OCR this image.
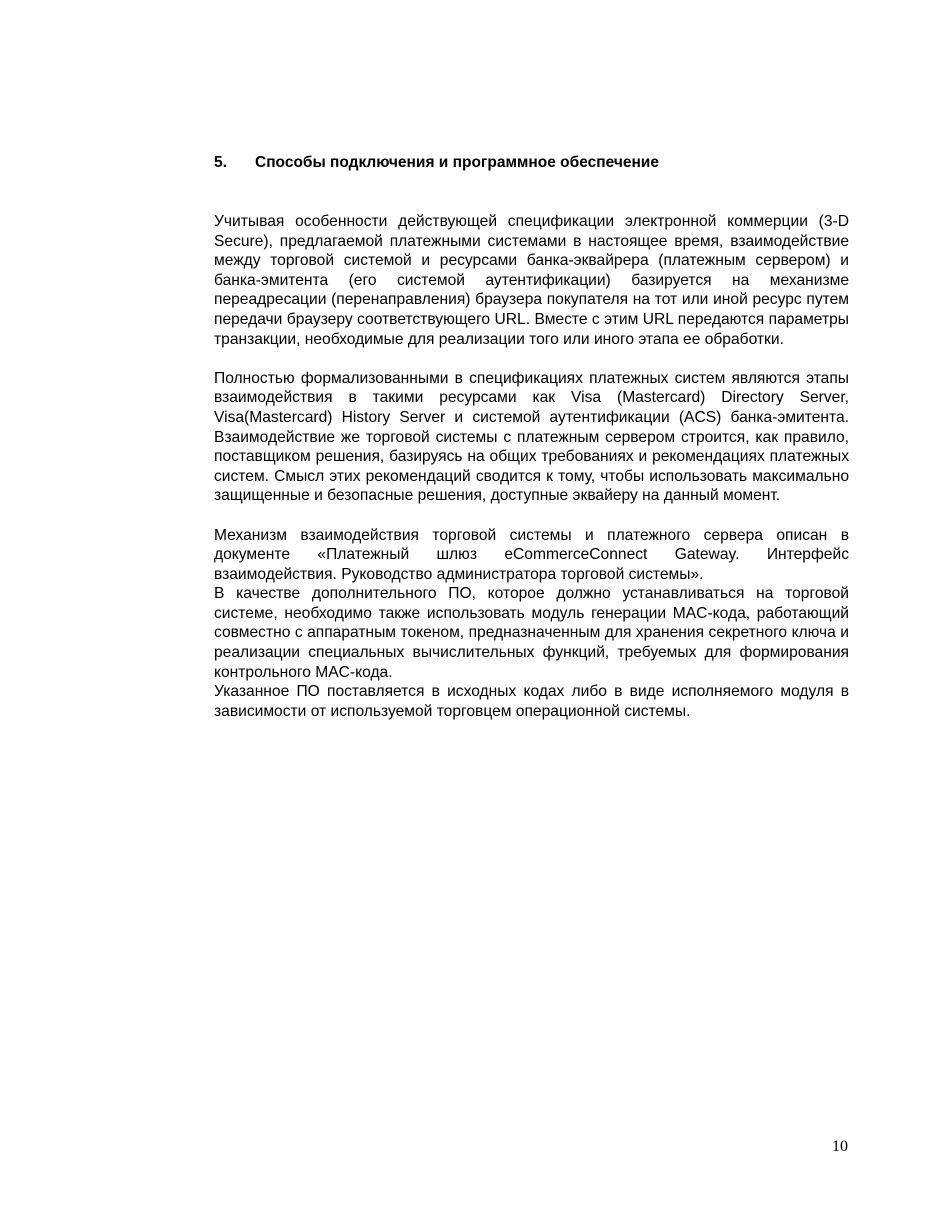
5. Способы подключения и программное обеспечение

Учитывая особенности действующей спецификации электронной коммерции (3-D Secure), предлагаемой платежными системами в настоящее время, взаимодействие между торговой системой и ресурсами банка-эквайрера (платежным сервером) и банка-эмитента (его системой аутентификации) базируется на механизме переадресации (перенаправления) браузера покупателя на тот или иной ресурс путем передачи браузеру соответствующего URL. Вместе с этим URL передаются параметры транзакции, необходимые для реализации того или иного этапа ее обработки.

Полностью формализованными в спецификациях платежных систем являются этапы взаимодействия в такими ресурсами как Visa (Mastercard) Directory Server, Visa(Mastercard) History Server и системой аутентификации (ACS) банка-эмитента. Взаимодействие же торговой системы с платежным сервером строится, как правило, поставщиком решения, базируясь на общих требованиях и рекомендациях платежных систем. Смысл этих рекомендаций сводится к тому, чтобы использовать максимально защищенные и безопасные решения, доступные эквайеру на данный момент.

Механизм взаимодействия торговой системы и платежного сервера описан в документе «Платежный шлюз eCommerceConnect Gateway. Интерфейс взаимодействия. Руководство администратора торговой системы».

В качестве дополнительного ПО, которое должно устанавливаться на торговой системе, необходимо также использовать модуль генерации MAC-кода, работающий совместно с аппаратным токеном, предназначенным для хранения секретного ключа и реализации специальных вычислительных функций, требуемых для формирования контрольного MAC-кода.

Указанное ПО поставляется в исходных кодах либо в виде исполняемого модуля в зависимости от используемой торговцем операционной системы.

10
